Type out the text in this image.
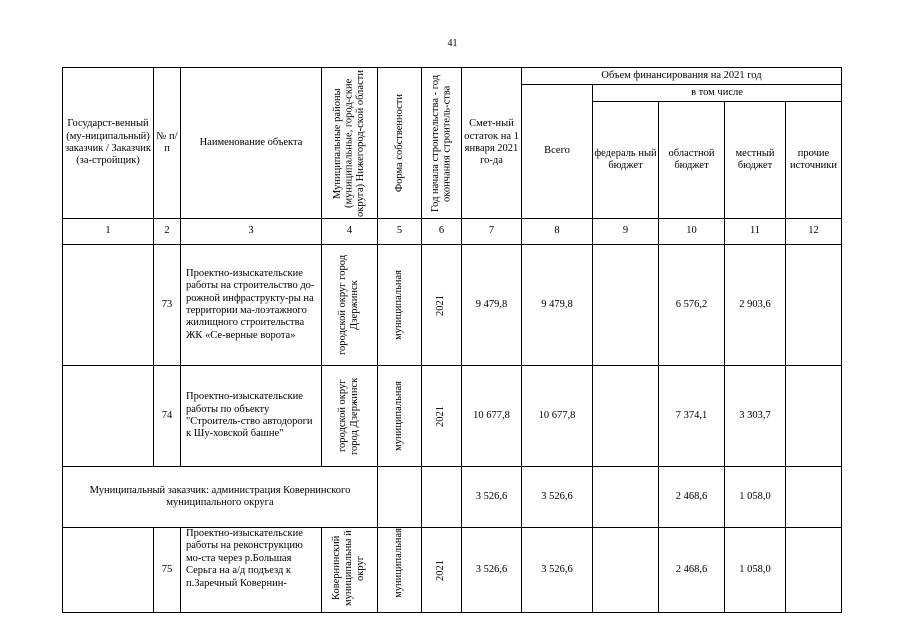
41
Государст-венный (му-ниципальный) заказчик / Заказчик (за-стройщик)	№ п/п	Наименование объекта	Муниципальные районы (муниципальные, город-ские округа) Нижегород-ской области	Форма собственности	Год начала строительства - год окончания строитель-ства	Смет-ный остаток на 1 января 2021 го-да	Объем финансирования на 2021 год				
							Всего	в том числе			
								федераль ный бюджет	областной бюджет	местный бюджет	прочие источники
1	2	3	4	5	6	7	8	9	10	11	12
	73	Проектно-изыскательские работы на строительство до-рожной инфраструкту-ры на территории ма-лоэтажного жилищного строительства ЖК «Се-верные ворота»	городской округ город Дзержинск	муниципальная	2021	9 479,8	9 479,8		6 576,2	2 903,6	
	74	Проектно-изыскательские работы по объекту "Строитель-ство автодороги к Шу-ховской башне"	городской округ город Дзержинск	муниципальная	2021	10 677,8	10 677,8		7 374,1	3 303,7	
Муниципальный заказчик: администрация Ковернинского муниципального округа						3 526,6	3 526,6		2 468,6	1 058,0	
	75	Проектно-изыскательские работы на реконструкцию мо-ста через р.Большая Серьга на а/д подъезд к п.Заречный Ковернин-	Ковернинский муниципальны й округ	муниципальная	2021	3 526,6	3 526,6		2 468,6	1 058,0	
